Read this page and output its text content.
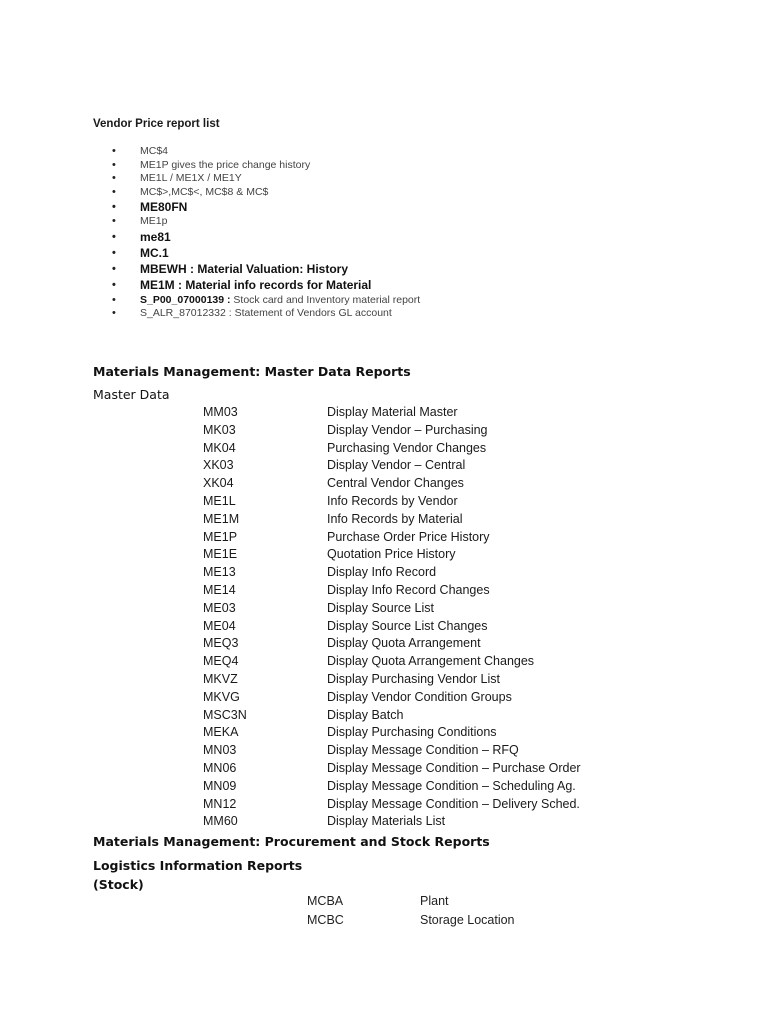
Vendor Price report list
• MC$4
• ME1P gives the price change history
• ME1L / ME1X / ME1Y
• MC$>,MC$<, MC$8 & MC$
• ME80FN
• ME1p
• me81
• MC.1
• MBEWH : Material Valuation: History
• ME1M : Material info records for Material
• S_P00_07000139 : Stock card and Inventory material report
• S_ALR_87012332 : Statement of Vendors GL account
Materials Management: Master Data Reports
Master Data
MM03	Display Material Master
MK03	Display Vendor – Purchasing
MK04	Purchasing Vendor Changes
XK03	Display Vendor – Central
XK04	Central Vendor Changes
ME1L	Info Records by Vendor
ME1M	Info Records by Material
ME1P	Purchase Order Price History
ME1E	Quotation Price History
ME13	Display Info Record
ME14	Display Info Record Changes
ME03	Display Source List
ME04	Display Source List Changes
MEQ3	Display Quota Arrangement
MEQ4	Display Quota Arrangement Changes
MKVZ	Display Purchasing Vendor List
MKVG	Display Vendor Condition Groups
MSC3N	Display Batch
MEKA	Display Purchasing Conditions
MN03	Display Message Condition – RFQ
MN06	Display Message Condition – Purchase Order
MN09	Display Message Condition – Scheduling Ag.
MN12	Display Message Condition – Delivery Sched.
MM60	Display Materials List
Materials Management: Procurement and Stock Reports
Logistics Information Reports
(Stock)
MCBA	Plant
MCBC	Storage Location
